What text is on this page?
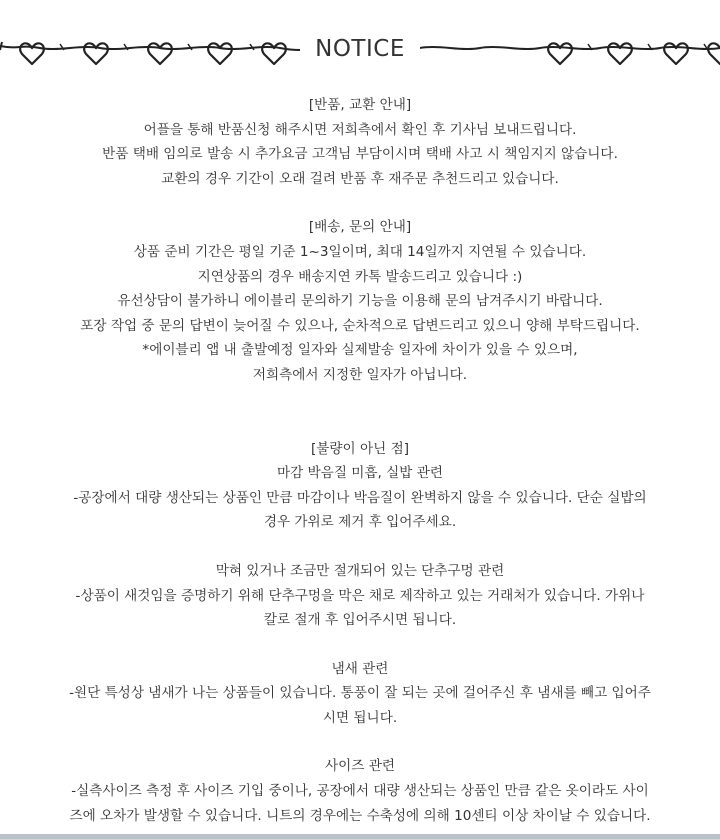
NOTICE
[반품, 교환 안내]
어플을 통해 반품신청 해주시면 저희측에서 확인 후 기사님 보내드립니다.
반품 택배 임의로 발송 시 추가요금 고객님 부담이시며 택배 사고 시 책임지지 않습니다.
교환의 경우 기간이 오래 걸려 반품 후 재주문 추천드리고 있습니다.
[배송, 문의 안내]
상품 준비 기간은 평일 기준 1~3일이며, 최대 14일까지 지연될 수 있습니다.
지연상품의 경우 배송지연 카톡 발송드리고 있습니다 :)
유선상담이 불가하니 에이블리 문의하기 기능을 이용해 문의 남겨주시기 바랍니다.
포장 작업 중 문의 답변이 늦어질 수 있으나, 순차적으로 답변드리고 있으니 양해 부탁드립니다.
*에이블리 앱 내 출발예정 일자와 실제발송 일자에 차이가 있을 수 있으며,
저희측에서 지정한 일자가 아닙니다.
[불량이 아닌 점]
마감 박음질 미흡, 실밥 관련
-공장에서 대량 생산되는 상품인 만큼 마감이나 박음질이 완벽하지 않을 수 있습니다. 단순 실밥의
경우 가위로 제거 후 입어주세요.
막혀 있거나 조금만 절개되어 있는 단추구멍 관련
-상품이 새것임을 증명하기 위해 단추구멍을 막은 채로 제작하고 있는 거래처가 있습니다. 가위나
칼로 절개 후 입어주시면 됩니다.
냄새 관련
-원단 특성상 냄새가 나는 상품들이 있습니다. 통풍이 잘 되는 곳에 걸어주신 후 냄새를 빼고 입어주
시면 됩니다.
사이즈 관련
-실측사이즈 측정 후 사이즈 기입 중이나, 공장에서 대량 생산되는 상품인 만큼 같은 옷이라도 사이
즈에 오차가 발생할 수 있습니다. 니트의 경우에는 수축성에 의해 10센티 이상 차이날 수 있습니다.
